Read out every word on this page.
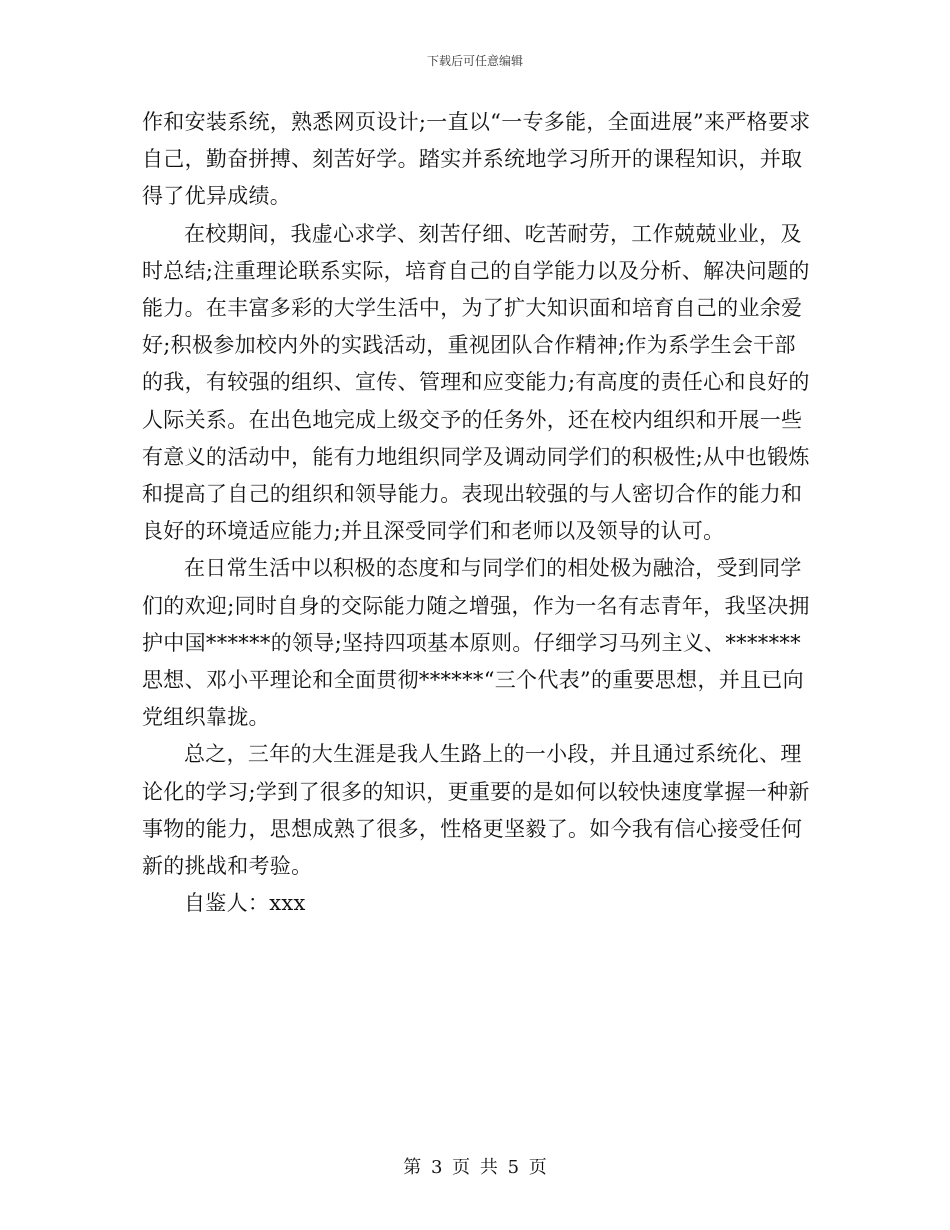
下载后可任意编辑

作和安装系统，熟悉网页设计;一直以“一专多能，全面进展”来严格要求自己，勤奋拼搏、刻苦好学。踏实并系统地学习所开的课程知识，并取得了优异成绩。

在校期间，我虚心求学、刻苦仔细、吃苦耐劳，工作兢兢业业，及时总结;注重理论联系实际，培育自己的自学能力以及分析、解决问题的能力。在丰富多彩的大学生活中，为了扩大知识面和培育自己的业余爱好;积极参加校内外的实践活动，重视团队合作精神;作为系学生会干部的我，有较强的组织、宣传、管理和应变能力;有高度的责任心和良好的人际关系。在出色地完成上级交予的任务外，还在校内组织和开展一些有意义的活动中，能有力地组织同学及调动同学们的积极性;从中也锻炼和提高了自己的组织和领导能力。表现出较强的与人密切合作的能力和良好的环境适应能力;并且深受同学们和老师以及领导的认可。

在日常生活中以积极的态度和与同学们的相处极为融洽，受到同学们的欢迎;同时自身的交际能力随之增强，作为一名有志青年，我坚决拥护中国******的领导;坚持四项基本原则。仔细学习马列主义、*******思想、邓小平理论和全面贯彻******“三个代表”的重要思想，并且已向党组织靠拢。

总之，三年的大生涯是我人生路上的一小段，并且通过系统化、理论化的学习;学到了很多的知识，更重要的是如何以较快速度掌握一种新事物的能力，思想成熟了很多，性格更坚毅了。如今我有信心接受任何新的挑战和考验。

自鉴人：xxx

第 3 页 共 5 页
